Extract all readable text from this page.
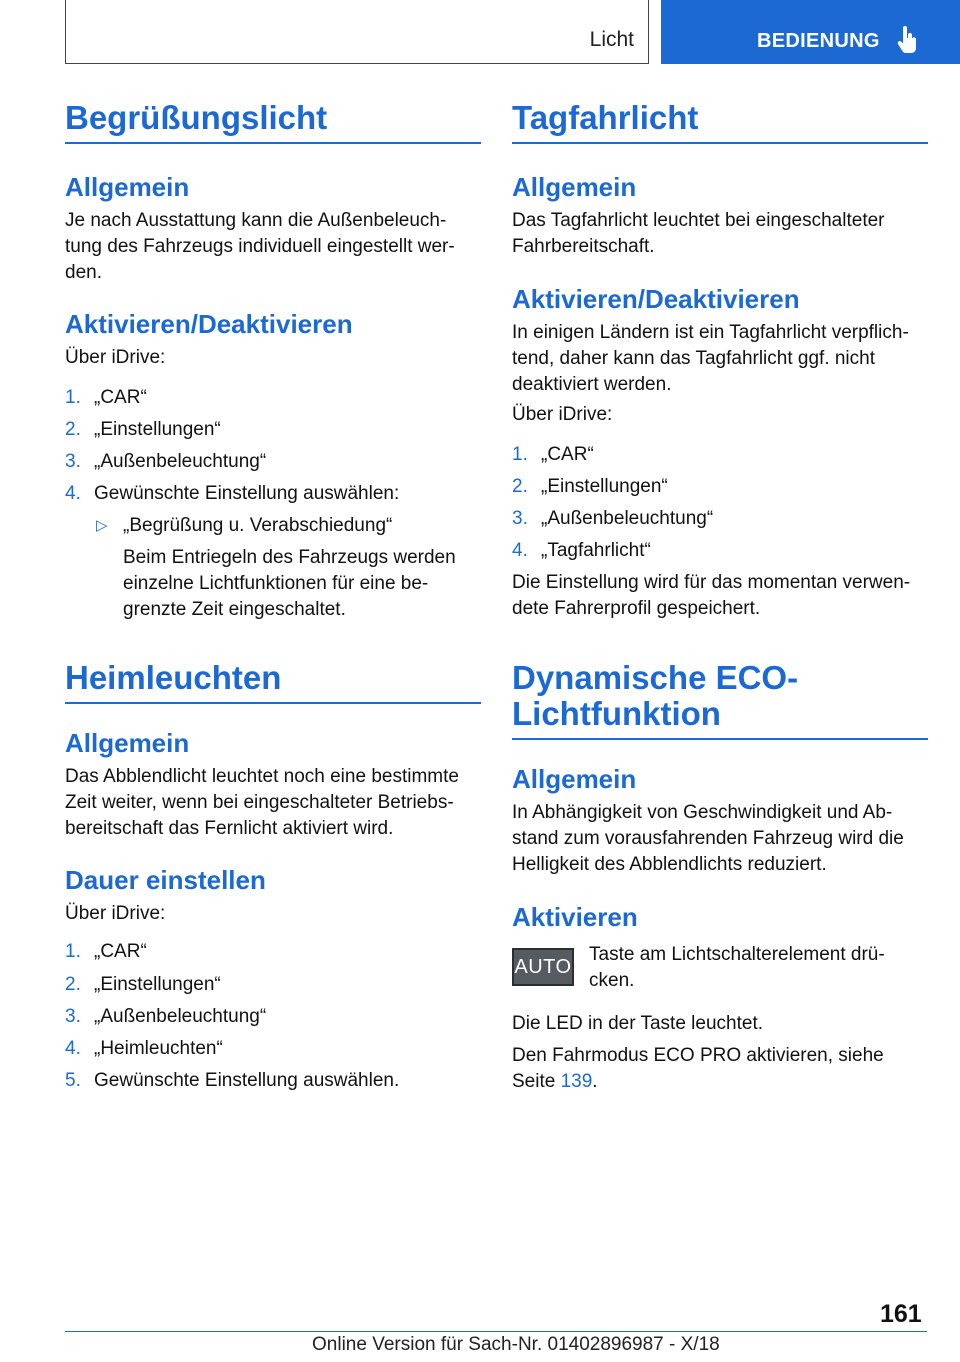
Licht	BEDIENUNG
Begrüßungslicht
Allgemein

Je nach Ausstattung kann die Außenbeleuch-

tung des Fahrzeugs individuell eingestellt wer-

den.

Aktivieren/Deaktivieren

Über iDrive:

1. „CAR“
2. „Einstellungen“
3. „Außenbeleuchtung“
4. Gewünschte Einstellung auswählen:
▷ „Begrüßung u. Verabschiedung“

Beim Entriegeln des Fahrzeugs werden

einzelne Lichtfunktionen für eine be-

grenzte Zeit eingeschaltet.

Heimleuchten
Allgemein

Das Abblendlicht leuchtet noch eine bestimmte

Zeit weiter, wenn bei eingeschalteter Betriebs-

bereitschaft das Fernlicht aktiviert wird.

Dauer einstellen

Über iDrive:

1. „CAR“
2. „Einstellungen“
3. „Außenbeleuchtung“
4. „Heimleuchten“
5. Gewünschte Einstellung auswählen.
Tagfahrlicht
Allgemein

Das Tagfahrlicht leuchtet bei eingeschalteter

Fahrbereitschaft.

Aktivieren/Deaktivieren

In einigen Ländern ist ein Tagfahrlicht verpflich-

tend, daher kann das Tagfahrlicht ggf. nicht

deaktiviert werden.

Über iDrive:

1. „CAR“
2. „Einstellungen“
3. „Außenbeleuchtung“
4. „Tagfahrlicht“

Die Einstellung wird für das momentan verwen-

dete Fahrerprofil gespeichert.

Dynamische ECO-
Lichtfunktion
Allgemein

In Abhängigkeit von Geschwindigkeit und Ab-

stand zum vorausfahrenden Fahrzeug wird die

Helligkeit des Abblendlichts reduziert.

Aktivieren
AUTO

Taste am Lichtschalterelement drü-

cken.

Die LED in der Taste leuchtet.

Den Fahrmodus ECO PRO aktivieren, siehe

Seite 139.

161
Online Version für Sach-Nr. 01402896987 - X/18
